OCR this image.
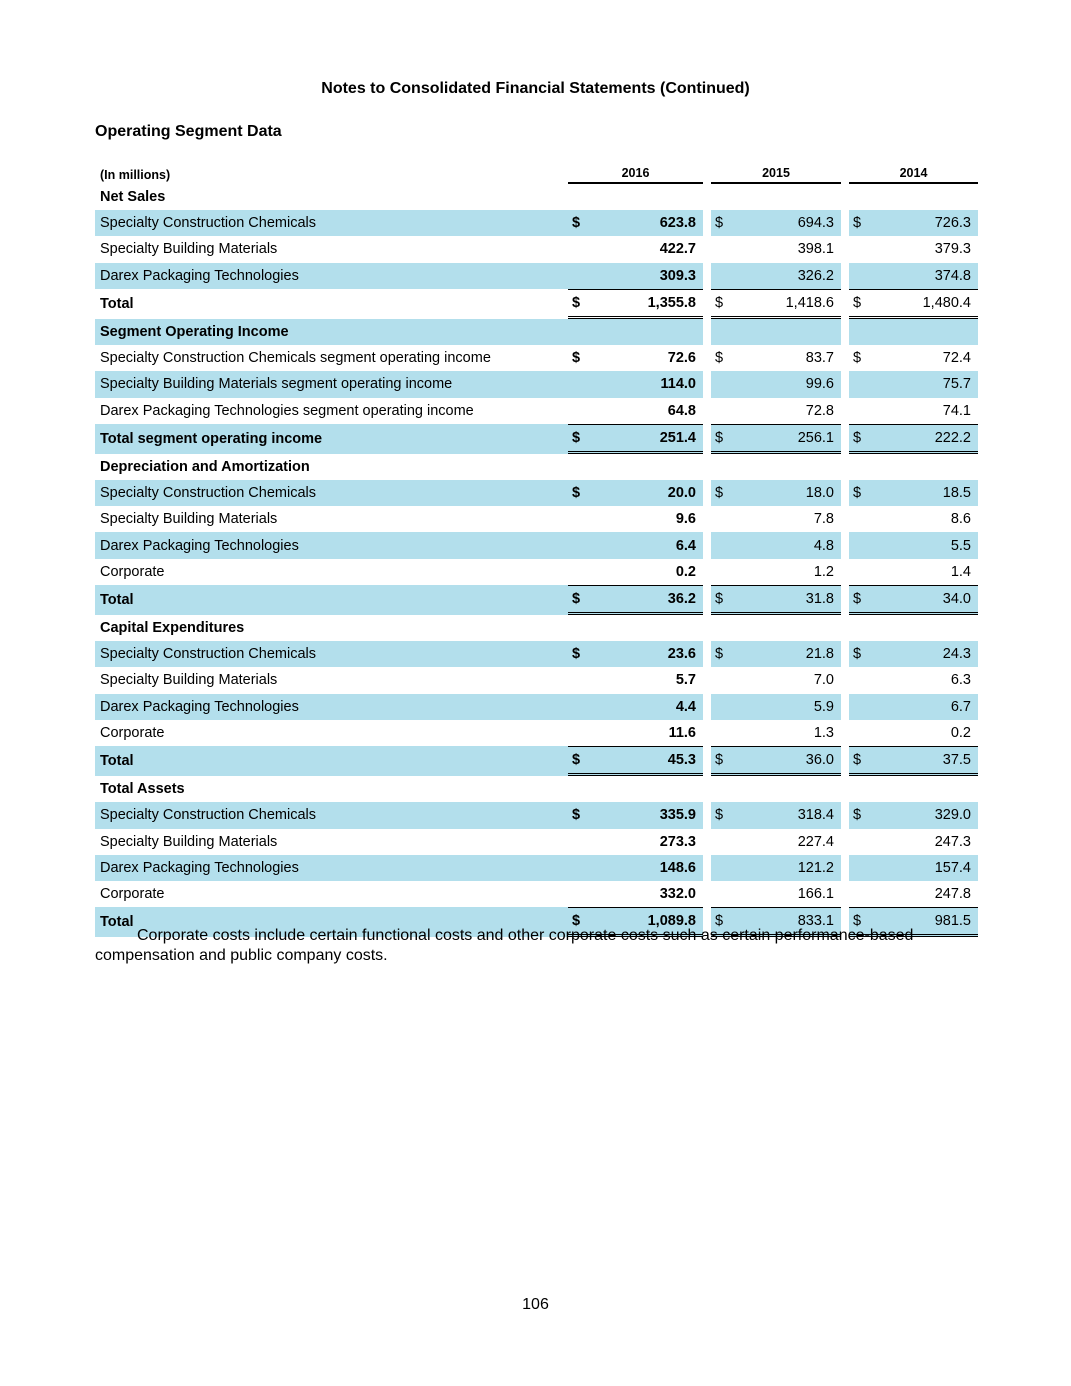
Notes to Consolidated Financial Statements (Continued)
Operating Segment Data
(In millions)	2016			2015			2014	
Net Sales								
Specialty Construction Chemicals	$	623.8		$	694.3		$	726.3
Specialty Building Materials		422.7			398.1			379.3
Darex Packaging Technologies		309.3			326.2			374.8
Total	$	1,355.8		$	1,418.6		$	1,480.4
Segment Operating Income								
Specialty Construction Chemicals segment operating income	$	72.6		$	83.7		$	72.4
Specialty Building Materials segment operating income		114.0			99.6			75.7
Darex Packaging Technologies segment operating income		64.8			72.8			74.1
Total segment operating income	$	251.4		$	256.1		$	222.2
Depreciation and Amortization								
Specialty Construction Chemicals	$	20.0		$	18.0		$	18.5
Specialty Building Materials		9.6			7.8			8.6
Darex Packaging Technologies		6.4			4.8			5.5
Corporate		0.2			1.2			1.4
Total	$	36.2		$	31.8		$	34.0
Capital Expenditures								
Specialty Construction Chemicals	$	23.6		$	21.8		$	24.3
Specialty Building Materials		5.7			7.0			6.3
Darex Packaging Technologies		4.4			5.9			6.7
Corporate		11.6			1.3			0.2
Total	$	45.3		$	36.0		$	37.5
Total Assets								
Specialty Construction Chemicals	$	335.9		$	318.4		$	329.0
Specialty Building Materials		273.3			227.4			247.3
Darex Packaging Technologies		148.6			121.2			157.4
Corporate		332.0			166.1			247.8
Total	$	1,089.8		$	833.1		$	981.5
Corporate costs include certain functional costs and other corporate costs such as certain performance-based compensation and public company costs.
106
